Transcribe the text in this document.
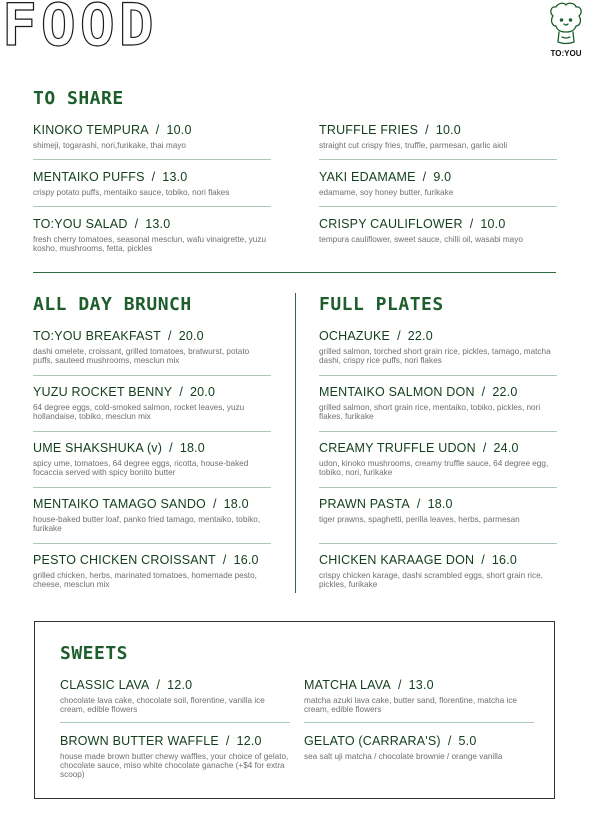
FOOD	TO:YOU
TO SHARE
KINOKO TEMPURA / 10.0
shimeji, togarashi, nori,furikake, thai mayo
MENTAIKO PUFFS / 13.0
crispy potato puffs, mentaiko sauce, tobiko, nori flakes
TO:YOU SALAD / 13.0
fresh cherry tomatoes, seasonal mesclun, wafu vinaigrette, yuzu kosho, mushrooms, fetta, pickles
TRUFFLE FRIES / 10.0
straight cut crispy fries, truffle, parmesan, garlic aioli
YAKI EDAMAME / 9.0
edamame, soy honey butter, furikake
CRISPY CAULIFLOWER / 10.0
tempura cauliflower, sweet sauce, chilli oil, wasabi mayo
ALL DAY BRUNCH
TO:YOU BREAKFAST / 20.0
dashi omelete, croissant, grilled tomatoes, bratwurst, potato puffs, sauteed mushrooms, mesclun mix
YUZU ROCKET BENNY / 20.0
64 degree eggs, cold-smoked salmon, rocket leaves, yuzu hollandaise, tobiko, mesclun mix
UME SHAKSHUKA (v) / 18.0
spicy ume, tomatoes, 64 degree eggs, ricotta, house-baked focaccia served with spicy bonito butter
MENTAIKO TAMAGO SANDO / 18.0
house-baked butter loaf, panko fried tamago, mentaiko, tobiko, furikake
PESTO CHICKEN CROISSANT / 16.0
grilled chicken, herbs, marinated tomatoes, homemade pesto, cheese, mesclun mix
FULL PLATES
OCHAZUKE / 22.0
grilled salmon, torched short grain rice, pickles, tamago, matcha dashi, crispy rice puffs, nori flakes
MENTAIKO SALMON DON / 22.0
grilled salmon, short grain rice, mentaiko, tobiko, pickles, nori flakes, furikake
CREAMY TRUFFLE UDON / 24.0
udon, kinoko mushrooms, creamy truffle sauce, 64 degree egg, tobiko, nori, furikake
PRAWN PASTA / 18.0
tiger prawns, spaghetti, perilla leaves, herbs, parmesan
CHICKEN KARAAGE DON / 16.0
crispy chicken karage, dashi scrambled eggs, short grain rice, pickles, furikake
SWEETS
CLASSIC LAVA / 12.0
chocolate lava cake, chocolate soil, florentine, vanilla ice cream, edible flowers
BROWN BUTTER WAFFLE / 12.0
house made brown butter chewy waffles, your choice of gelato, chocolate sauce, miso white chocolate ganache (+$4 for extra scoop)
MATCHA LAVA / 13.0
matcha azuki lava cake, butter sand, florentine, matcha ice cream, edible flowers
GELATO (CARRARA'S) / 5.0
sea salt uji matcha / chocolate brownie / orange vanilla
